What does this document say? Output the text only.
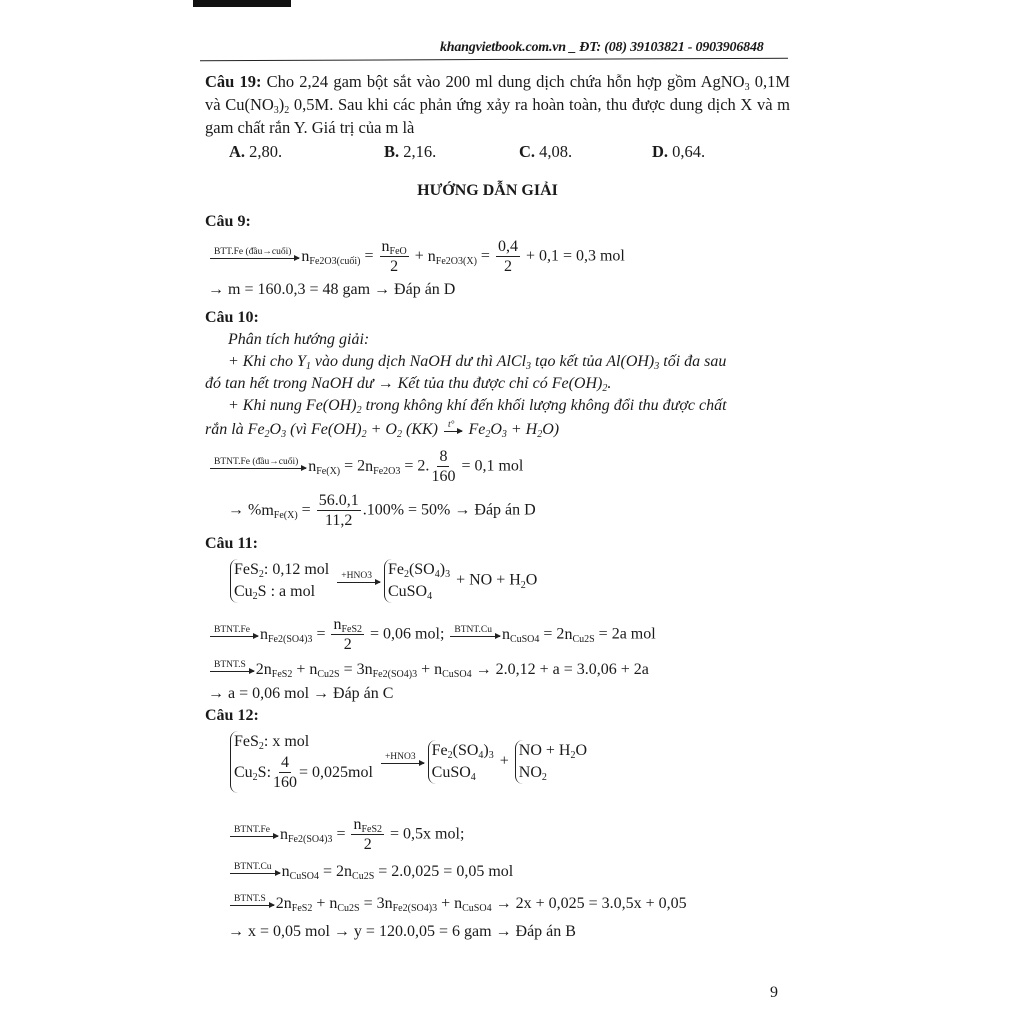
khangvietbook.com.vn _ ĐT: (08) 39103821 - 0903906848
Câu 19: Cho 2,24 gam bột sắt vào 200 ml dung dịch chứa hỗn hợp gồm AgNO$_3$ 0,1M và $Cu(NO_3)_2$ 0,5M. Sau khi các phản ứng xảy ra hoàn toàn, thu được dung dịch X và m gam chất rắn Y. Giá trị của m là
A. 2,80.	B. 2,16.	C. 4,08.	D. 0,64.
HƯỚNG DẪN GIẢI
Câu 9:
BTT.Fe (đầu→cuối) $n_{Fe2O3(cuối)} = \frac{n_{FeO}}{2} + n_{Fe2O3(X)} = \frac{0,4}{2} + 0,1 = 0,3$ mol
→ m = 160.0,3 = 48 gam → Đáp án D
Câu 10:
Phân tích hướng giải:
+ Khi cho $Y_1$ vào dung dịch NaOH dư thì AlCl$_3$ tạo kết tủa $Al(OH)_3$ tối đa sau
đó tan hết trong NaOH dư → Kết tủa thu được chỉ có $Fe(OH)_2$.
+ Khi nung $Fe(OH)_2$ trong không khí đến khối lượng không đổi thu được chất
rắn là $Fe_2O_3$ (vì $Fe(OH)_2 + O_2$ (KK) t° $Fe_2O_3 + H_2O$)
BTNT.Fe (đầu→cuối) $n_{Fe(X)} = 2n_{Fe2O3} = 2$. $\frac{8}{160} = 0,1$ mol
→ $\%m_{Fe(X)} = \frac{56.0,1}{11,2} .100\% = 50\%$ → Đáp án D
Câu 11:
FeS$_2$ : 0,12 mol
$Cu_2$ S : a mol

+HNO3	Fe $_2$ (SO $_4$ ) $_3$
CuSO $_4$
+ NO + $H_2O$
BTNT.Fe $n_{Fe2(SO4)3} = \frac{n_{FeS2}}{2} = 0,06$ mol; BTNT.Cu $n_{CuSO4} = 2n_{Cu2S} = 2a$ mol
BTNT.S $2n_{FeS2} + n_{Cu2S} = 3n_{Fe2(SO4)3} + n_{CuSO4} \to 2.0,12 + a = 3.0,06 + 2a$
→ a = 0,06 mol → Đáp án C
Câu 12:
FeS$_2$ : x mol
$Cu_2$ S: $\frac{4}{160} = 0,025mol$

+HNO3	Fe $_2$ (SO $_4$ ) $_3$
CuSO $_4$
+
NO + H $_2$ O
NO $_2$
BTNT.Fe $n_{Fe2(SO4)3} = \frac{n_{FeS2}}{2} = 0,5x$ mol;
BTNT.Cu $n_{CuSO4} = 2n_{Cu2S} = 2.0,025 = 0,05$ mol
BTNT.S $2n_{FeS2} + n_{Cu2S} = 3n_{Fe2(SO4)3} + n_{CuSO4} \to 2x + 0,025 = 3.0,5x + 0,05$
→ x = 0,05 mol → y = 120.0,05 = 6 gam → Đáp án B
9
